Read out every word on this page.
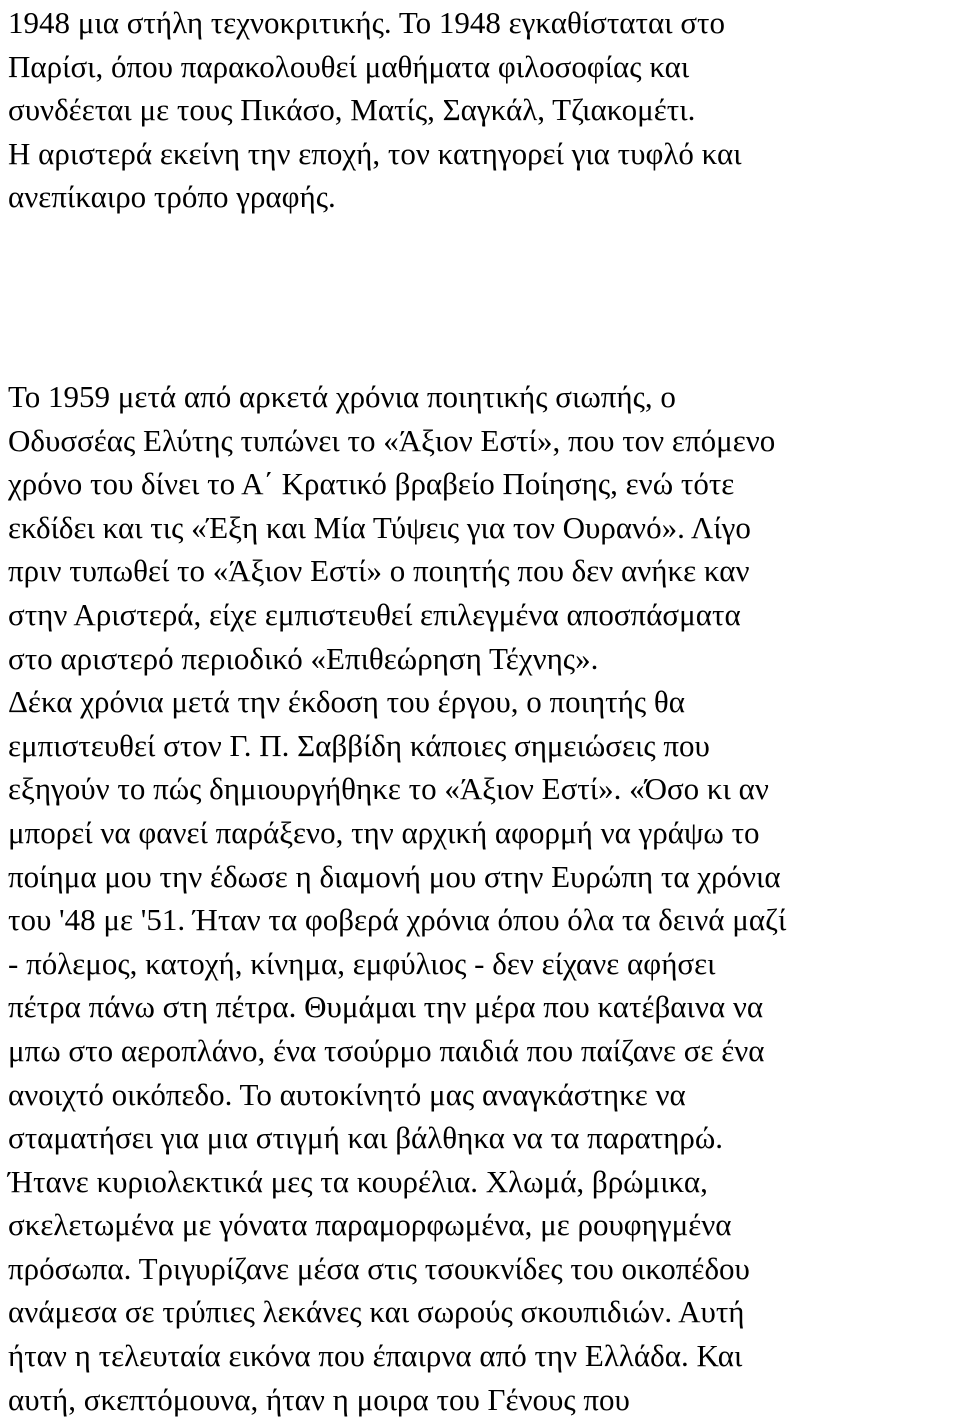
1948 μια στήλη τεχνοκριτικής. Το 1948 εγκαθίσταται στο
Παρίσι, όπου παρακολουθεί μαθήματα φιλοσοφίας και
συνδέεται με τους Πικάσο, Ματίς, Σαγκάλ, Τζιακομέτι.
Η αριστερά εκείνη την εποχή, τον κατηγορεί για τυφλό και
ανεπίκαιρο τρόπο γραφής.
Το 1959 μετά από αρκετά χρόνια ποιητικής σιωπής, ο
Οδυσσέας Ελύτης τυπώνει το «Άξιον Εστί», που τον επόμενο
χρόνο του δίνει το Α΄ Κρατικό βραβείο Ποίησης, ενώ τότε
εκδίδει και τις «Έξη και Μία Τύψεις για τον Ουρανό». Λίγο
πριν τυπωθεί το «Άξιον Εστί» ο ποιητής που δεν ανήκε καν
στην Αριστερά, είχε εμπιστευθεί επιλεγμένα αποσπάσματα
στο αριστερό περιοδικό «Επιθεώρηση Τέχνης».
Δέκα χρόνια μετά την έκδοση του έργου, ο ποιητής θα
εμπιστευθεί στον Γ. Π. Σαββίδη κάποιες σημειώσεις που
εξηγούν το πώς δημιουργήθηκε το «Άξιον Εστί». «Όσο κι αν
μπορεί να φανεί παράξενο, την αρχική αφορμή να γράψω το
ποίημα μου την έδωσε η διαμονή μου στην Ευρώπη τα χρόνια
του '48 με '51. Ήταν τα φοβερά χρόνια όπου όλα τα δεινά μαζί
- πόλεμος, κατοχή, κίνημα, εμφύλιος - δεν είχανε αφήσει
πέτρα πάνω στη πέτρα. Θυμάμαι την μέρα που κατέβαινα να
μπω στο αεροπλάνο, ένα τσούρμο παιδιά που παίζανε σε ένα
ανοιχτό οικόπεδο. Το αυτοκίνητό μας αναγκάστηκε να
σταματήσει για μια στιγμή και βάλθηκα να τα παρατηρώ.
Ήτανε κυριολεκτικά μες τα κουρέλια. Χλωμά, βρώμικα,
σκελετωμένα με γόνατα παραμορφωμένα, με ρουφηγμένα
πρόσωπα. Τριγυρίζανε μέσα στις τσουκνίδες του οικοπέδου
ανάμεσα σε τρύπιες λεκάνες και σωρούς σκουπιδιών. Αυτή
ήταν η τελευταία εικόνα που έπαιρνα από την Ελλάδα. Και
αυτή, σκεπτόμουνα, ήταν η μοιρα του Γένους που
